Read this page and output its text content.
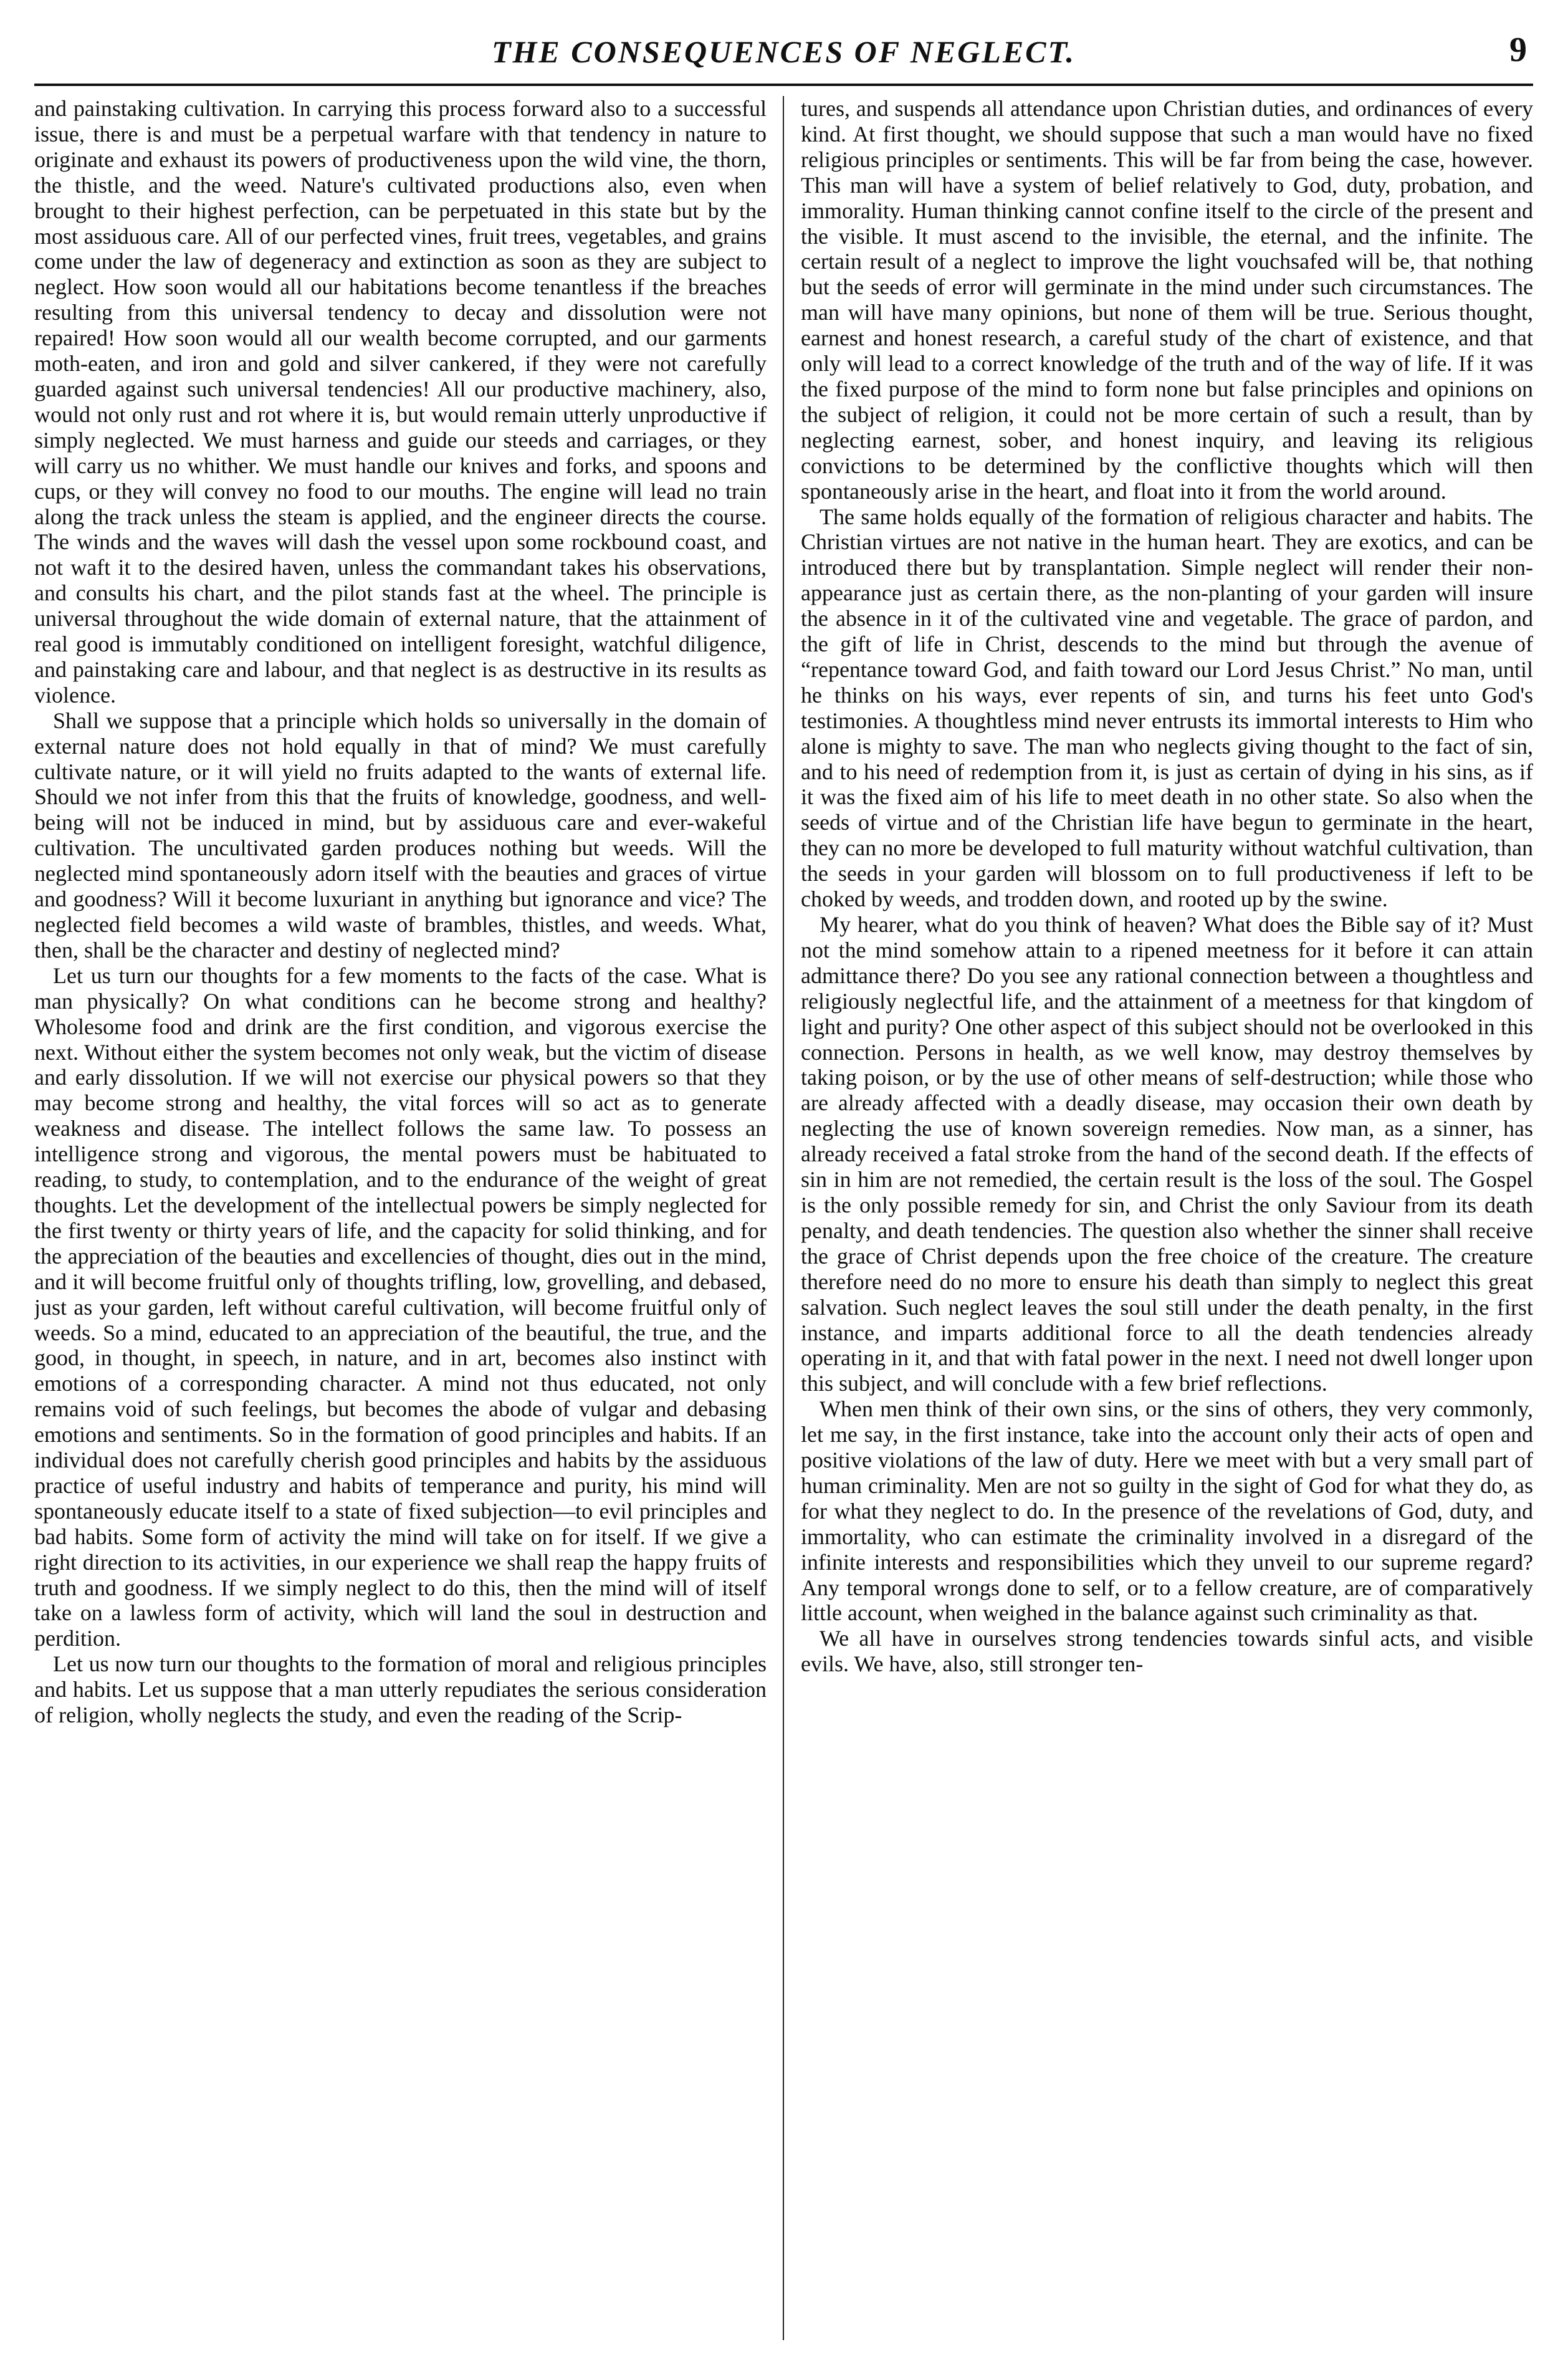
THE CONSEQUENCES OF NEGLECT.	9

and painstaking cultivation. In carrying this process forward also to a successful issue, there is and must be a perpetual warfare with that tendency in nature to originate and exhaust its powers of productiveness upon the wild vine, the thorn, the thistle, and the weed. Nature's cultivated productions also, even when brought to their highest perfection, can be perpetuated in this state but by the most assiduous care. All of our perfected vines, fruit trees, vegetables, and grains come under the law of degeneracy and extinction as soon as they are subject to neglect. How soon would all our habitations become tenantless if the breaches resulting from this universal tendency to decay and dissolution were not repaired! How soon would all our wealth become corrupted, and our garments moth-eaten, and iron and gold and silver cankered, if they were not carefully guarded against such universal tendencies! All our productive machinery, also, would not only rust and rot where it is, but would remain utterly unproductive if simply neglected. We must harness and guide our steeds and carriages, or they will carry us no whither. We must handle our knives and forks, and spoons and cups, or they will convey no food to our mouths. The engine will lead no train along the track unless the steam is applied, and the engineer directs the course. The winds and the waves will dash the vessel upon some rockbound coast, and not waft it to the desired haven, unless the commandant takes his observations, and consults his chart, and the pilot stands fast at the wheel. The principle is universal throughout the wide domain of external nature, that the attainment of real good is immutably conditioned on intelligent foresight, watchful diligence, and painstaking care and labour, and that neglect is as destructive in its results as violence.

Shall we suppose that a principle which holds so universally in the domain of external nature does not hold equally in that of mind? We must carefully cultivate nature, or it will yield no fruits adapted to the wants of external life. Should we not infer from this that the fruits of knowledge, goodness, and well-being will not be induced in mind, but by assiduous care and ever-wakeful cultivation. The uncultivated garden produces nothing but weeds. Will the neglected mind spontaneously adorn itself with the beauties and graces of virtue and goodness? Will it become luxuriant in anything but ignorance and vice? The neglected field becomes a wild waste of brambles, thistles, and weeds. What, then, shall be the character and destiny of neglected mind?

Let us turn our thoughts for a few moments to the facts of the case. What is man physically? On what conditions can he become strong and healthy? Wholesome food and drink are the first condition, and vigorous exercise the next. Without either the system becomes not only weak, but the victim of disease and early dissolution. If we will not exercise our physical powers so that they may become strong and healthy, the vital forces will so act as to generate weakness and disease. The intellect follows the same law. To possess an intelligence strong and vigorous, the mental powers must be habituated to reading, to study, to contemplation, and to the endurance of the weight of great thoughts. Let the development of the intellectual powers be simply neglected for the first twenty or thirty years of life, and the capacity for solid thinking, and for the appreciation of the beauties and excellencies of thought, dies out in the mind, and it will become fruitful only of thoughts trifling, low, grovelling, and debased, just as your garden, left without careful cultivation, will become fruitful only of weeds. So a mind, educated to an appreciation of the beautiful, the true, and the good, in thought, in speech, in nature, and in art, becomes also instinct with emotions of a corresponding character. A mind not thus educated, not only remains void of such feelings, but becomes the abode of vulgar and debasing emotions and sentiments. So in the formation of good principles and habits. If an individual does not carefully cherish good principles and habits by the assiduous practice of useful industry and habits of temperance and purity, his mind will spontaneously educate itself to a state of fixed subjection—to evil principles and bad habits. Some form of activity the mind will take on for itself. If we give a right direction to its activities, in our experience we shall reap the happy fruits of truth and goodness. If we simply neglect to do this, then the mind will of itself take on a lawless form of activity, which will land the soul in destruction and perdition.

Let us now turn our thoughts to the formation of moral and religious principles and habits. Let us suppose that a man utterly repudiates the serious consideration of religion, wholly neglects the study, and even the reading of the Scrip-

tures, and suspends all attendance upon Christian duties, and ordinances of every kind. At first thought, we should suppose that such a man would have no fixed religious principles or sentiments. This will be far from being the case, however. This man will have a system of belief relatively to God, duty, probation, and immorality. Human thinking cannot confine itself to the circle of the present and the visible. It must ascend to the invisible, the eternal, and the infinite. The certain result of a neglect to improve the light vouchsafed will be, that nothing but the seeds of error will germinate in the mind under such circumstances. The man will have many opinions, but none of them will be true. Serious thought, earnest and honest research, a careful study of the chart of existence, and that only will lead to a correct knowledge of the truth and of the way of life. If it was the fixed purpose of the mind to form none but false principles and opinions on the subject of religion, it could not be more certain of such a result, than by neglecting earnest, sober, and honest inquiry, and leaving its religious convictions to be determined by the conflictive thoughts which will then spontaneously arise in the heart, and float into it from the world around.

The same holds equally of the formation of religious character and habits. The Christian virtues are not native in the human heart. They are exotics, and can be introduced there but by transplantation. Simple neglect will render their non-appearance just as certain there, as the non-planting of your garden will insure the absence in it of the cultivated vine and vegetable. The grace of pardon, and the gift of life in Christ, descends to the mind but through the avenue of “repentance toward God, and faith toward our Lord Jesus Christ.” No man, until he thinks on his ways, ever repents of sin, and turns his feet unto God's testimonies. A thoughtless mind never entrusts its immortal interests to Him who alone is mighty to save. The man who neglects giving thought to the fact of sin, and to his need of redemption from it, is just as certain of dying in his sins, as if it was the fixed aim of his life to meet death in no other state. So also when the seeds of virtue and of the Christian life have begun to germinate in the heart, they can no more be developed to full maturity without watchful cultivation, than the seeds in your garden will blossom on to full productiveness if left to be choked by weeds, and trodden down, and rooted up by the swine.

My hearer, what do you think of heaven? What does the Bible say of it? Must not the mind somehow attain to a ripened meetness for it before it can attain admittance there? Do you see any rational connection between a thoughtless and religiously neglectful life, and the attainment of a meetness for that kingdom of light and purity? One other aspect of this subject should not be overlooked in this connection. Persons in health, as we well know, may destroy themselves by taking poison, or by the use of other means of self-destruction; while those who are already affected with a deadly disease, may occasion their own death by neglecting the use of known sovereign remedies. Now man, as a sinner, has already received a fatal stroke from the hand of the second death. If the effects of sin in him are not remedied, the certain result is the loss of the soul. The Gospel is the only possible remedy for sin, and Christ the only Saviour from its death penalty, and death tendencies. The question also whether the sinner shall receive the grace of Christ depends upon the free choice of the creature. The creature therefore need do no more to ensure his death than simply to neglect this great salvation. Such neglect leaves the soul still under the death penalty, in the first instance, and imparts additional force to all the death tendencies already operating in it, and that with fatal power in the next. I need not dwell longer upon this subject, and will conclude with a few brief reflections.

When men think of their own sins, or the sins of others, they very commonly, let me say, in the first instance, take into the account only their acts of open and positive violations of the law of duty. Here we meet with but a very small part of human criminality. Men are not so guilty in the sight of God for what they do, as for what they neglect to do. In the presence of the revelations of God, duty, and immortality, who can estimate the criminality involved in a disregard of the infinite interests and responsibilities which they unveil to our supreme regard? Any temporal wrongs done to self, or to a fellow creature, are of comparatively little account, when weighed in the balance against such criminality as that.

We all have in ourselves strong tendencies towards sinful acts, and visible evils. We have, also, still stronger ten-
